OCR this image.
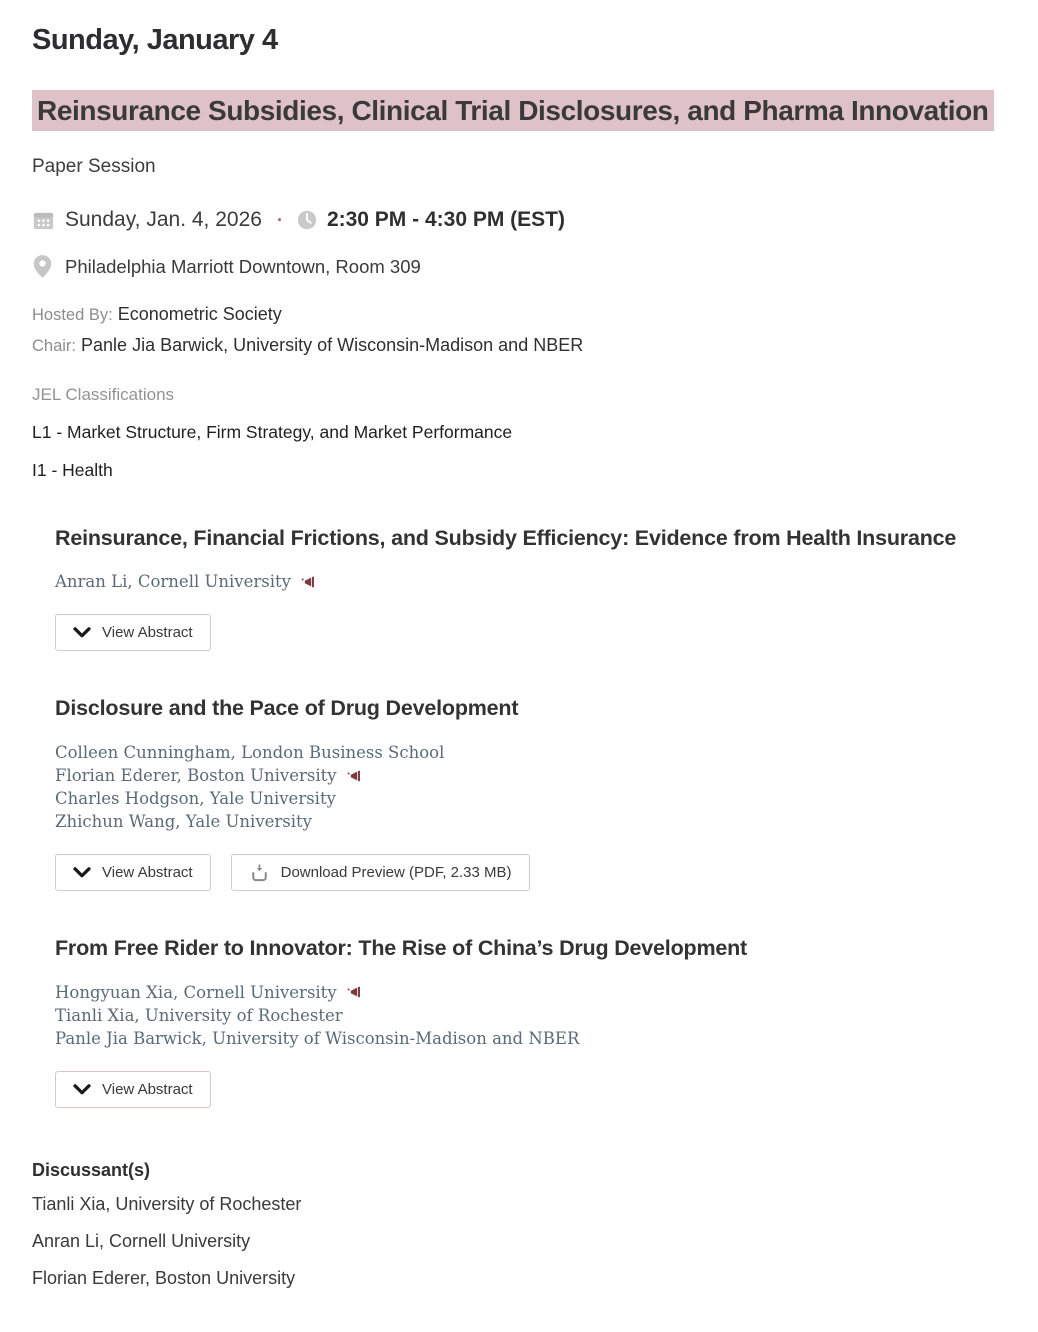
Sunday, January 4
Reinsurance Subsidies, Clinical Trial Disclosures, and Pharma Innovation
Paper Session
Sunday, Jan. 4, 2026 · 2:30 PM - 4:30 PM (EST)
Philadelphia Marriott Downtown, Room 309
Hosted By: Econometric Society
Chair: Panle Jia Barwick, University of Wisconsin-Madison and NBER
JEL Classifications
L1 - Market Structure, Firm Strategy, and Market Performance
I1 - Health
Reinsurance, Financial Frictions, and Subsidy Efficiency: Evidence from Health Insurance
Anran Li, Cornell University
View Abstract
Disclosure and the Pace of Drug Development
Colleen Cunningham, London Business School
Florian Ederer, Boston University
Charles Hodgson, Yale University
Zhichun Wang, Yale University
View Abstract	Download Preview (PDF, 2.33 MB)
From Free Rider to Innovator: The Rise of China’s Drug Development
Hongyuan Xia, Cornell University
Tianli Xia, University of Rochester
Panle Jia Barwick, University of Wisconsin-Madison and NBER
View Abstract
Discussant(s)
Tianli Xia, University of Rochester
Anran Li, Cornell University
Florian Ederer, Boston University
